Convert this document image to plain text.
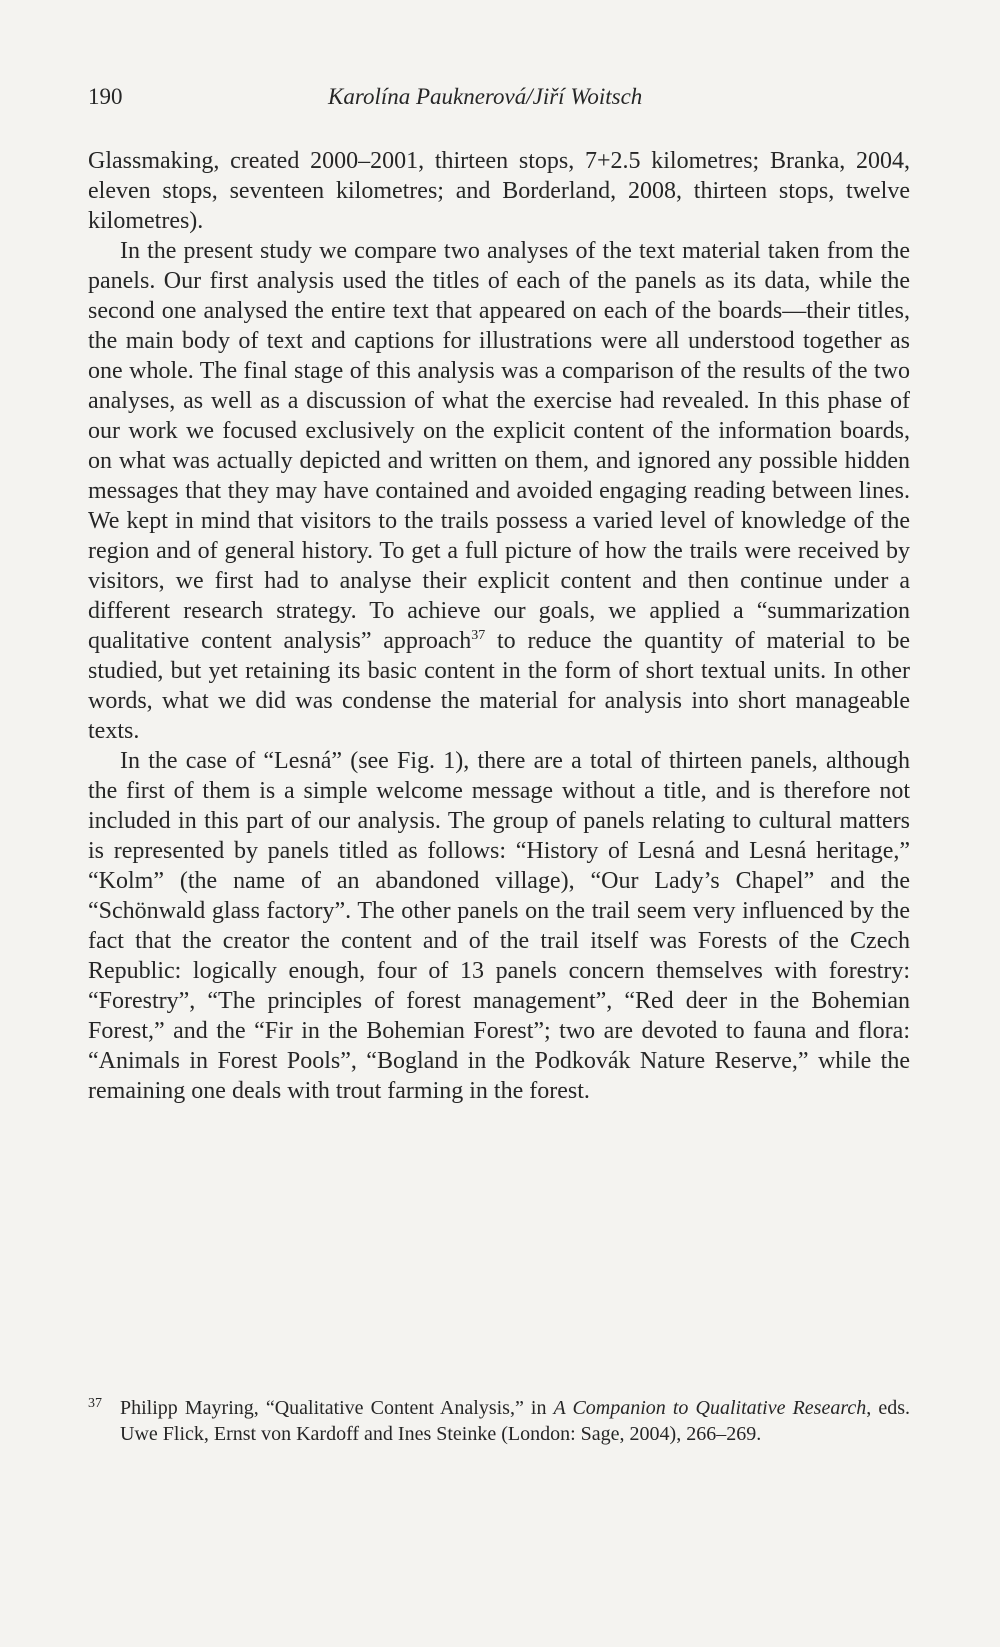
190	Karolína Pauknerová/Jiří Woitsch

Glassmaking, created 2000–2001, thirteen stops, 7+2.5 kilometres; Branka, 2004, eleven stops, seventeen kilometres; and Borderland, 2008, thirteen stops, twelve kilometres).

In the present study we compare two analyses of the text material taken from the panels. Our first analysis used the titles of each of the panels as its data, while the second one analysed the entire text that appeared on each of the boards—their titles, the main body of text and captions for illustrations were all understood together as one whole. The final stage of this analysis was a comparison of the results of the two analyses, as well as a discussion of what the exercise had revealed. In this phase of our work we focused exclusively on the explicit content of the information boards, on what was actually depicted and written on them, and ignored any possible hidden messages that they may have contained and avoided engaging reading between lines. We kept in mind that visitors to the trails possess a varied level of knowledge of the region and of general history. To get a full picture of how the trails were received by visitors, we first had to analyse their explicit content and then continue under a different research strategy. To achieve our goals, we applied a “summarization qualitative content analysis” approach$^{37}$ to reduce the quantity of material to be studied, but yet retaining its basic content in the form of short textual units. In other words, what we did was condense the material for analysis into short manageable texts.

In the case of “Lesná” (see Fig. 1), there are a total of thirteen panels, although the first of them is a simple welcome message without a title, and is therefore not included in this part of our analysis. The group of panels relating to cultural matters is represented by panels titled as follows: “History of Lesná and Lesná heritage,” “Kolm” (the name of an abandoned village), “Our Lady’s Chapel” and the “Schönwald glass factory”. The other panels on the trail seem very influenced by the fact that the creator the content and of the trail itself was Forests of the Czech Republic: logically enough, four of 13 panels concern themselves with forestry: “Forestry”, “The principles of forest management”, “Red deer in the Bohemian Forest,” and the “Fir in the Bohemian Forest”; two are devoted to fauna and flora: “Animals in Forest Pools”, “Bogland in the Podkovák Nature Reserve,” while the remaining one deals with trout farming in the forest.

37 Philipp Mayring, “Qualitative Content Analysis,” in A Companion to Qualitative Research, eds. Uwe Flick, Ernst von Kardoff and Ines Steinke (London: Sage, 2004), 266–269.
